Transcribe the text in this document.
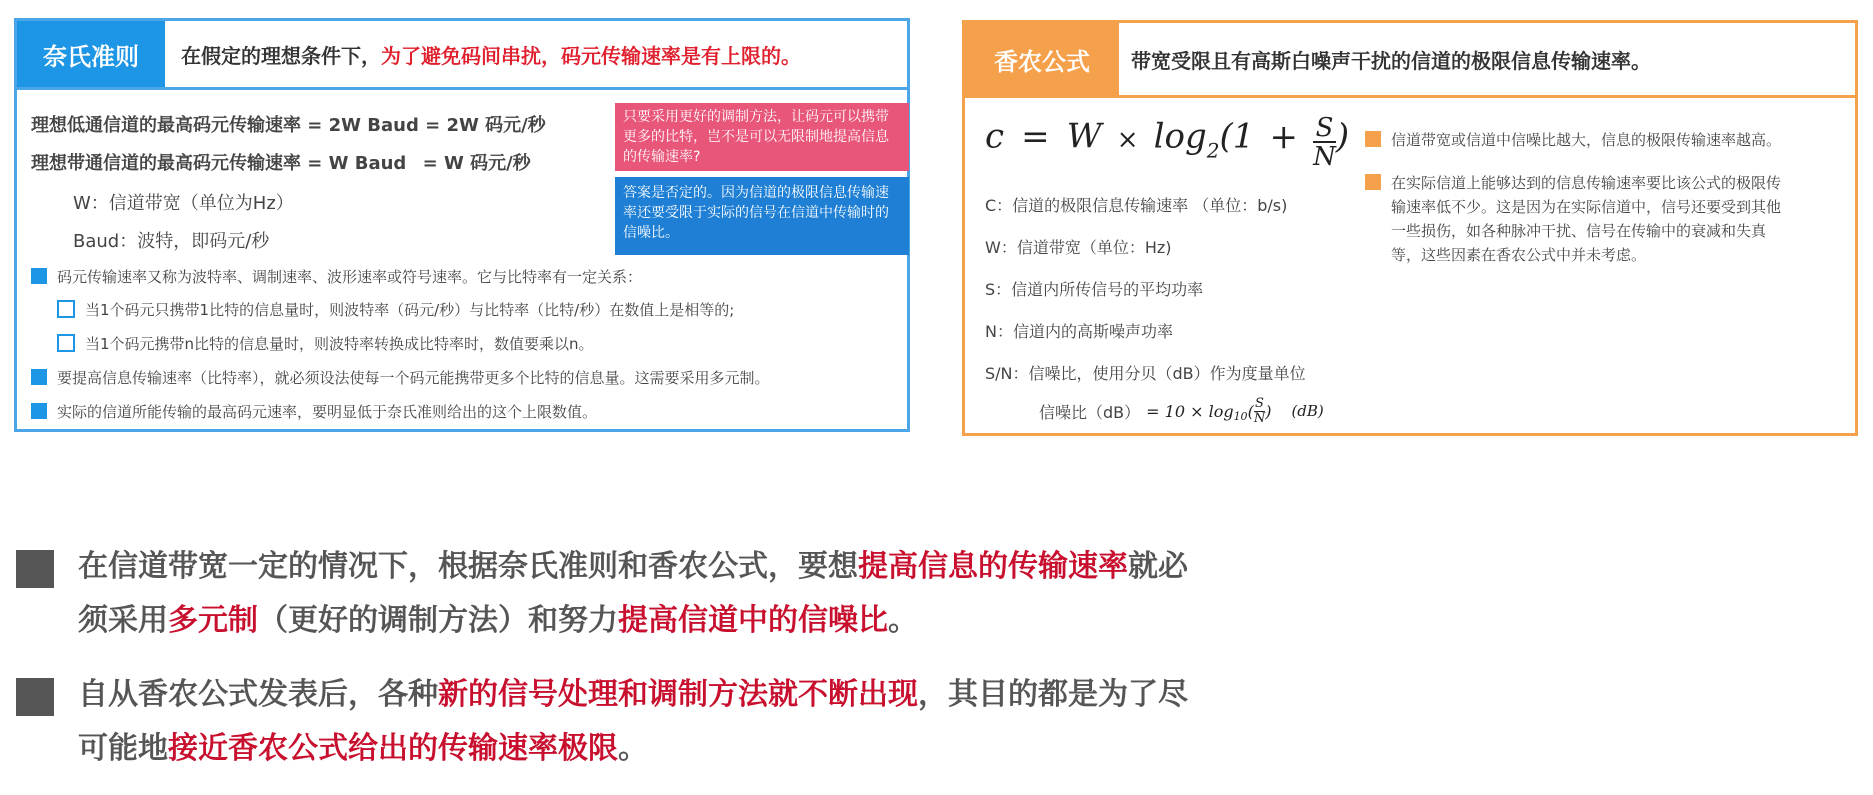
奈氏准则	在假定的理想条件下， 为了避免码间串扰， 码元传输速率是有上限的。
理想低通信道的最高码元传输速率 = 2W Baud = 2W 码元/秒
理想带通信道的最高码元传输速率 = W Baud = W 码元/秒
W：信道带宽（单位为Hz）
Baud：波特，即码元/秒
只要采用更好的调制方法，让码元可以携带更多的比特，岂不是可以无限制地提高信息的传输速率?
答案是否定的。因为信道的极限信息传输速率还要受限于实际的信号在信道中传输时的信噪比。
码元传输速率又称为波特率、调制速率、波形速率或符号速率。它与比特率有一定关系：
当1个码元只携带1比特的信息量时，则波特率（码元/秒）与比特率（比特/秒）在数值上是相等的;
当1个码元携带n比特的信息量时，则波特率转换成比特率时，数值要乘以n。
要提高信息传输速率（比特率），就必须设法使每一个码元能携带更多个比特的信息量。这需要采用多元制。
实际的信道所能传输的最高码元速率，要明显低于奈氏准则给出的这个上限数值。
香农公式	带宽受限且有高斯白噪声干扰的信道的极限信息传输速率。
$c = W \times \log 2(1 + \frac{S}{N}$ )
C：信道的极限信息传输速率 （单位：b/s)
W：信道带宽（单位：Hz)
S：信道内所传信号的平均功率
N：信道内的高斯噪声功率
S/N：信噪比，使用分贝（dB）作为度量单位
信噪比（dB） = 10 × log 10 ( S
N ) (dB)
信道带宽或信道中信噪比越大，信息的极限传输速率越高。
在实际信道上能够达到的信息传输速率要比该公式的极限传
输速率低不少。这是因为在实际信道中，信号还要受到其他
一些损伤，如各种脉冲干扰、信号在传输中的衰减和失真
等，这些因素在香农公式中并未考虑。
在信道带宽一定的情况下，根据奈氏准则和香农公式，要想提高信息的传输速率就必
须采用多元制（更好的调制方法）和努力提高信道中的信噪比。
自从香农公式发表后，各种新的信号处理和调制方法就不断出现，其目的都是为了尽
可能地接近香农公式给出的传输速率极限。
